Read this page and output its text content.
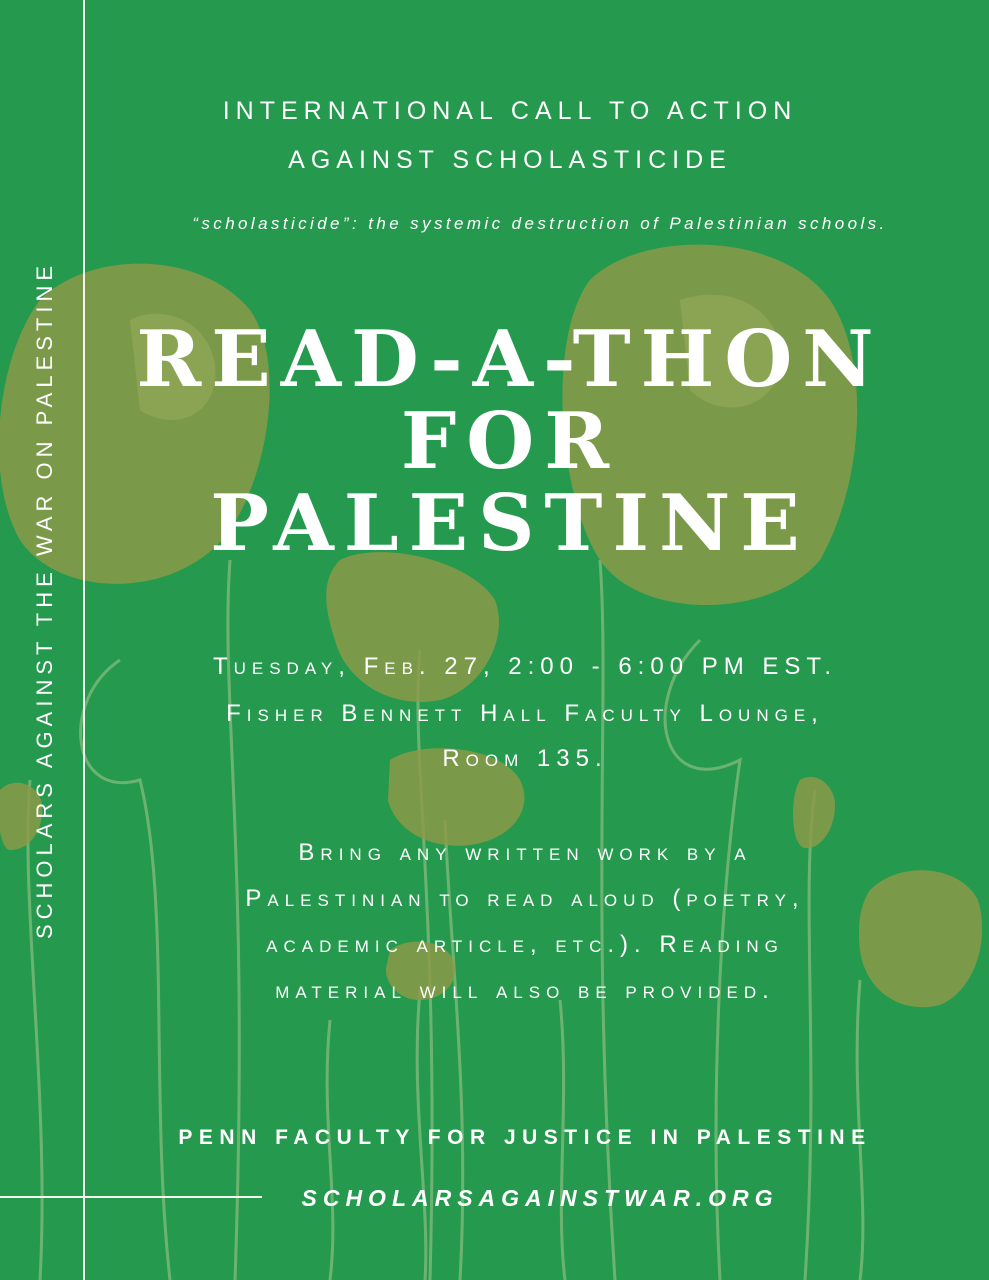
SCHOLARS AGAINST THE WAR ON PALESTINE
INTERNATIONAL CALL TO ACTION
AGAINST SCHOLASTICIDE
“scholasticide”: the systemic destruction of Palestinian schools.
READ-A-THON
FOR
PALESTINE
Tuesday, Feb. 27, 2:00 - 6:00 PM EST.
Fisher Bennett Hall Faculty Lounge,
Room 135.
Bring any written work by a
Palestinian to read aloud (poetry,
academic article, etc.). Reading
material will also be provided.
PENN FACULTY FOR JUSTICE IN PALESTINE
SCHOLARSAGAINSTWAR.ORG
